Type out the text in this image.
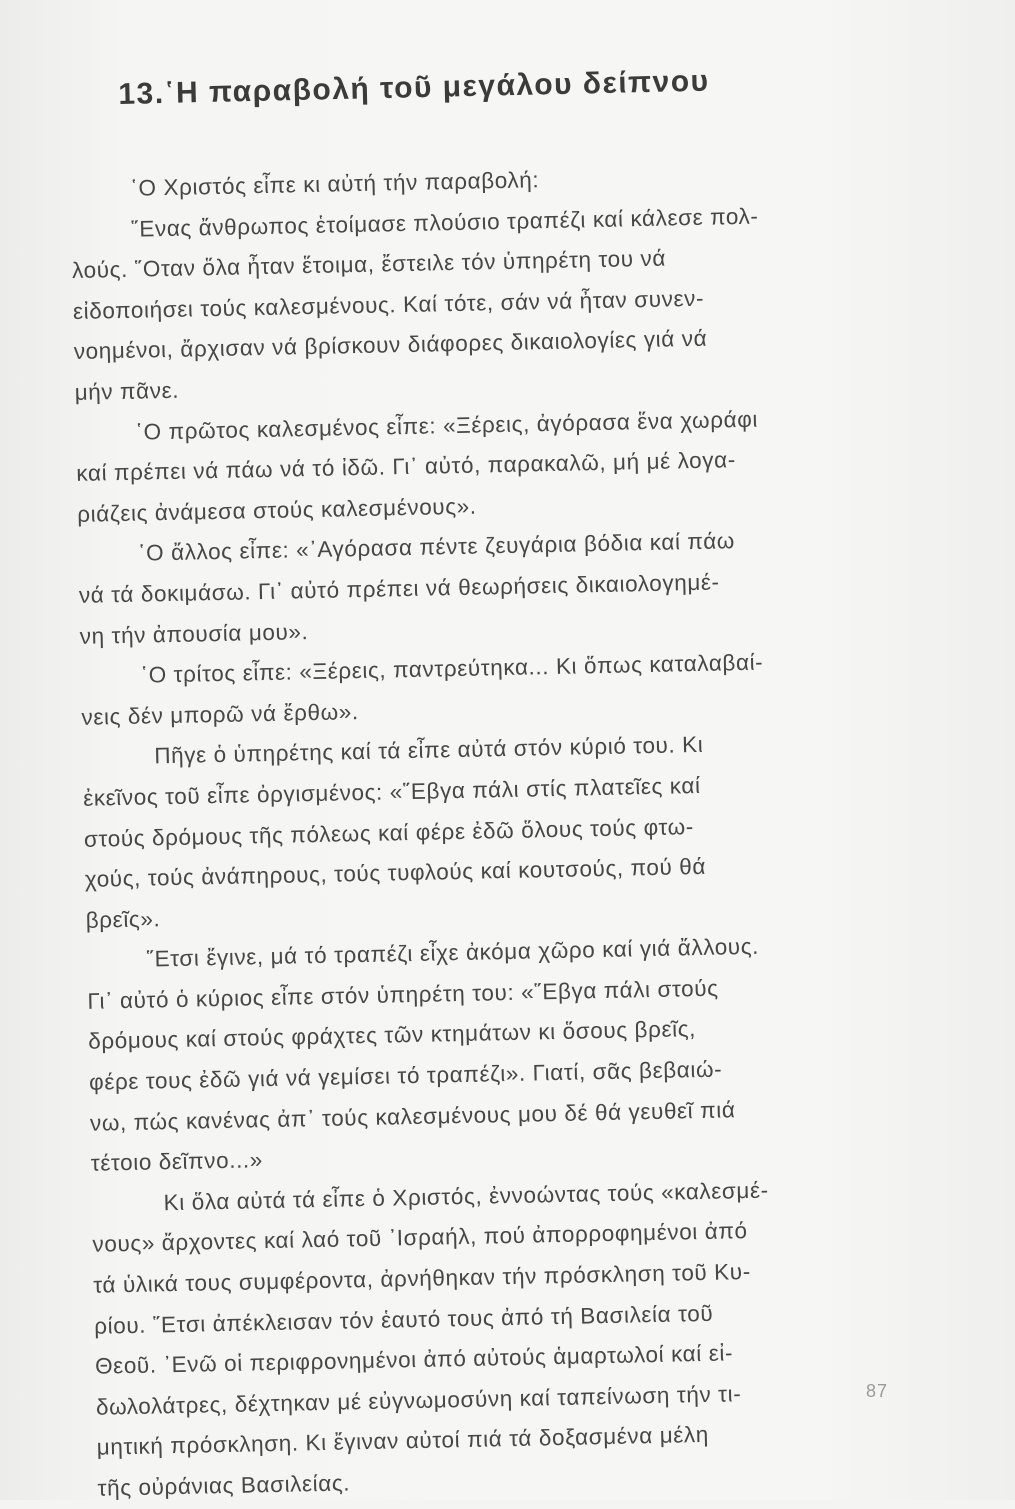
13.῾Η παραβολή τοῦ μεγάλου δείπνου
῾Ο Χριστός εἶπε κι αὐτή τήν παραβολή:
῞Ενας ἄνθρωπος ἑτοίμασε πλούσιο τραπέζι καί κάλεσε πολ-
λούς. ῞Οταν ὅλα ἦταν ἕτοιμα, ἔστειλε τόν ὑπηρέτη του νά
εἰδοποιήσει τούς καλεσμένους. Καί τότε, σάν νά ἦταν συνεν-
νοημένοι, ἄρχισαν νά βρίσκουν διάφορες δικαιολογίες γιά νά
μήν πᾶνε.
῾Ο πρῶτος καλεσμένος εἶπε: «Ξέρεις, ἀγόρασα ἕνα χωράφι
καί πρέπει νά πάω νά τό ἰδῶ. Γι᾿ αὐτό, παρακαλῶ, μή μέ λογα-
ριάζεις ἀνάμεσα στούς καλεσμένους».
῾Ο ἄλλος εἶπε: «᾿Αγόρασα πέντε ζευγάρια βόδια καί πάω
νά τά δοκιμάσω. Γι᾿ αὐτό πρέπει νά θεωρήσεις δικαιολογημέ-
νη τήν ἀπουσία μου».
῾Ο τρίτος εἶπε: «Ξέρεις, παντρεύτηκα... Κι ὅπως καταλαβαί-
νεις δέν μπορῶ νά ἔρθω».
Πῆγε ὁ ὑπηρέτης καί τά εἶπε αὐτά στόν κύριό του. Κι
ἐκεῖνος τοῦ εἶπε ὀργισμένος: «῞Εβγα πάλι στίς πλατεῖες καί
στούς δρόμους τῆς πόλεως καί φέρε ἐδῶ ὅλους τούς φτω-
χούς, τούς ἀνάπηρους, τούς τυφλούς καί κουτσούς, πού θά
βρεῖς».
῞Ετσι ἔγινε, μά τό τραπέζι εἶχε ἀκόμα χῶρο καί γιά ἄλλους.
Γι᾿ αὐτό ὁ κύριος εἶπε στόν ὑπηρέτη του: «῞Εβγα πάλι στούς
δρόμους καί στούς φράχτες τῶν κτημάτων κι ὅσους βρεῖς,
φέρε τους ἐδῶ γιά νά γεμίσει τό τραπέζι». Γιατί, σᾶς βεβαιώ-
νω, πώς κανένας ἀπ᾿ τούς καλεσμένους μου δέ θά γευθεῖ πιά
τέτοιο δεῖπνο...»
Κι ὅλα αὐτά τά εἶπε ὁ Χριστός, ἐννοώντας τούς «καλεσμέ-
νους» ἄρχοντες καί λαό τοῦ ᾿Ισραήλ, πού ἀπορροφημένοι ἀπό
τά ὑλικά τους συμφέροντα, ἀρνήθηκαν τήν πρόσκληση τοῦ Κυ-
ρίου. ῞Ετσι ἀπέκλεισαν τόν ἑαυτό τους ἀπό τή Βασιλεία τοῦ
Θεοῦ. ᾿Ενῶ οἱ περιφρονημένοι ἀπό αὐτούς ἁμαρτωλοί καί εἰ-
δωλολάτρες, δέχτηκαν μέ εὐγνωμοσύνη καί ταπείνωση τήν τι-
μητική πρόσκληση. Κι ἔγιναν αὐτοί πιά τά δοξασμένα μέλη
τῆς οὐράνιας Βασιλείας.
87
